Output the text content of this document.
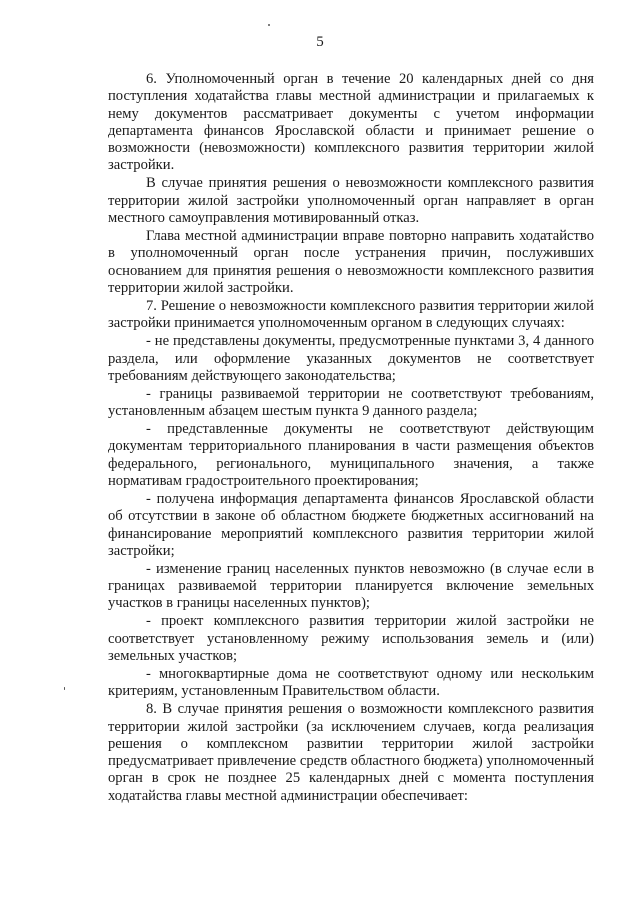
5

6. Уполномоченный орган в течение 20 календарных дней со дня поступления ходатайства главы местной администрации и прилагаемых к нему документов рассматривает документы с учетом информации департамента финансов Ярославской области и принимает решение о возможности (невозможности) комплексного развития территории жилой застройки.

В случае принятия решения о невозможности комплексного развития территории жилой застройки уполномоченный орган направляет в орган местного самоуправления мотивированный отказ.

Глава местной администрации вправе повторно направить ходатайство в уполномоченный орган после устранения причин, послуживших основанием для принятия решения о невозможности комплексного развития территории жилой застройки.

7. Решение о невозможности комплексного развития территории жилой застройки принимается уполномоченным органом в следующих случаях:

- не представлены документы, предусмотренные пунктами 3, 4 данного раздела, или оформление указанных документов не соответствует требованиям действующего законодательства;

- границы развиваемой территории не соответствуют требованиям, установленным абзацем шестым пункта 9 данного раздела;

- представленные документы не соответствуют действующим документам территориального планирования в части размещения объектов федерального, регионального, муниципального значения, а также нормативам градостроительного проектирования;

- получена информация департамента финансов Ярославской области об отсутствии в законе об областном бюджете бюджетных ассигнований на финансирование мероприятий комплексного развития территории жилой застройки;

- изменение границ населенных пунктов невозможно (в случае если в границах развиваемой территории планируется включение земельных участков в границы населенных пунктов);

- проект комплексного развития территории жилой застройки не соответствует установленному режиму использования земель и (или) земельных участков;

- многоквартирные дома не соответствуют одному или нескольким критериям, установленным Правительством области.

8. В случае принятия решения о возможности комплексного развития территории жилой застройки (за исключением случаев, когда реализация решения о комплексном развитии территории жилой застройки предусматривает привлечение средств областного бюджета) уполномоченный орган в срок не позднее 25 календарных дней с момента поступления ходатайства главы местной администрации обеспечивает:
